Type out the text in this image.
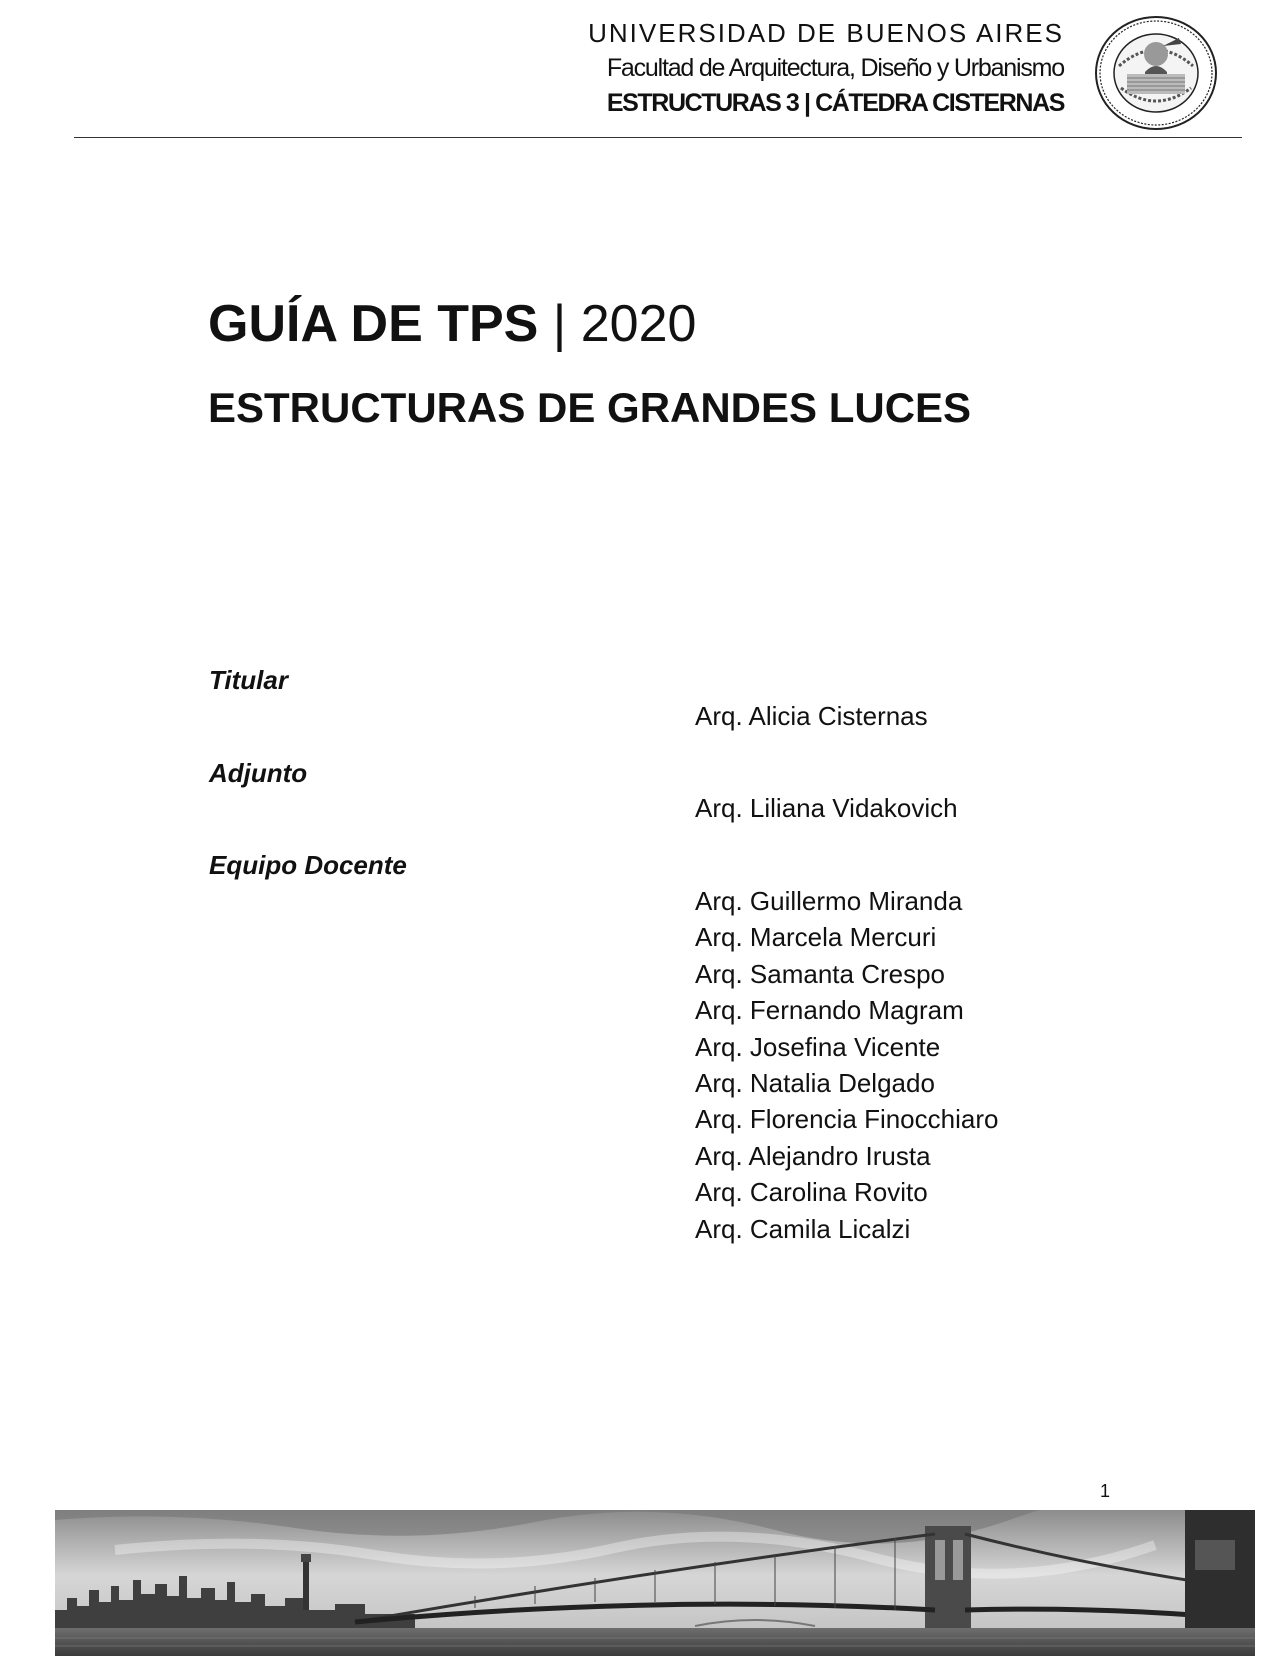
UNIVERSIDAD DE BUENOS AIRES
Facultad de Arquitectura, Diseño y Urbanismo
ESTRUCTURAS 3 | CÁTEDRA CISTERNAS
GUÍA DE TPS | 2020
ESTRUCTURAS DE GRANDES LUCES
Titular
Arq. Alicia Cisternas
Adjunto
Arq. Liliana Vidakovich
Equipo Docente
Arq. Guillermo Miranda
Arq. Marcela Mercuri
Arq. Samanta Crespo
Arq. Fernando Magram
Arq. Josefina Vicente
Arq. Natalia Delgado
Arq. Florencia Finocchiaro
Arq. Alejandro Irusta
Arq. Carolina Rovito
Arq. Camila Licalzi
1
